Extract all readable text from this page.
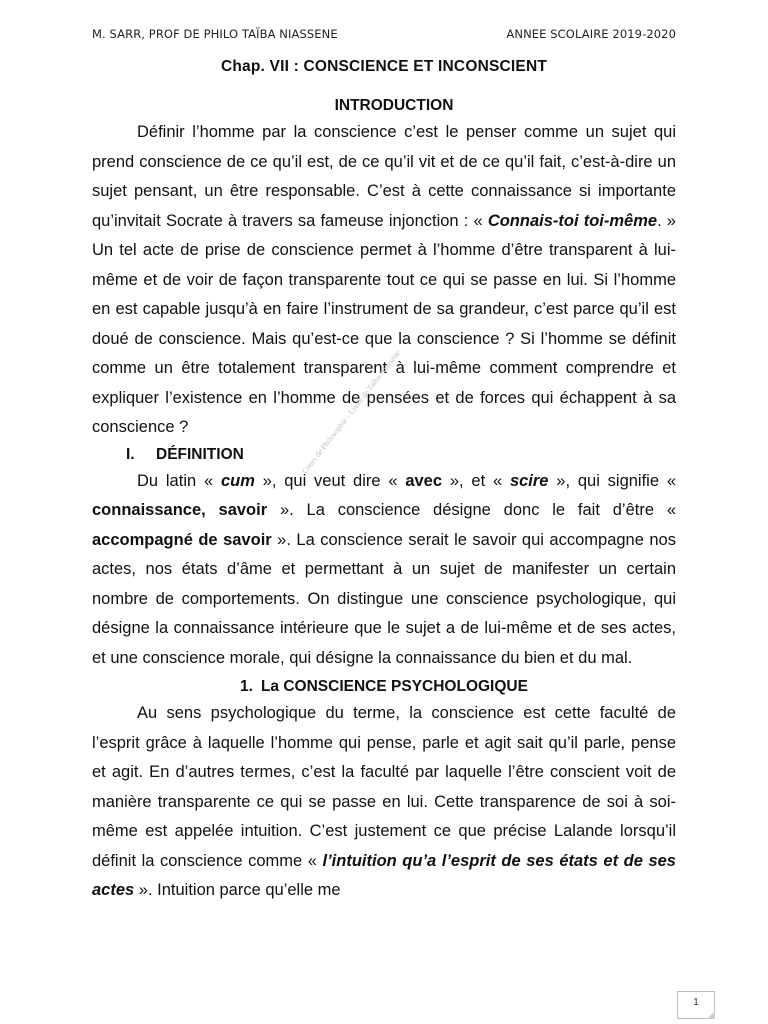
M. SARR, PROF DE PHILO TAÏBA NIASSENE	ANNEE SCOLAIRE 2019-2020
Chap. VII : CONSCIENCE ET INCONSCIENT

INTRODUCTION

Définir l’homme par la conscience c’est le penser comme un sujet qui prend conscience de ce qu’il est, de ce qu’il vit et de ce qu’il fait, c’est-à-dire un sujet pensant, un être responsable. C’est à cette connaissance si importante qu’invitait Socrate à travers sa fameuse injonction : « Connais-toi toi-même. » Un tel acte de prise de conscience permet à l’homme d’être transparent à lui-même et de voir de façon transparente tout ce qui se passe en lui. Si l’homme en est capable jusqu’à en faire l’instrument de sa grandeur, c’est parce qu’il est doué de conscience. Mais qu’est-ce que la conscience ? Si l’homme se définit comme un être totalement transparent à lui-même comment comprendre et expliquer l’existence en l’homme de pensées et de forces qui échappent à sa conscience ?

I. DÉFINITION

Du latin « cum », qui veut dire « avec », et « scire », qui signifie « connaissance, savoir ». La conscience désigne donc le fait d’être « accompagné de savoir ». La conscience serait le savoir qui accompagne nos actes, nos états d’âme et permettant à un sujet de manifester un certain nombre de comportements. On distingue une conscience psychologique, qui désigne la connaissance intérieure que le sujet a de lui-même et de ses actes, et une conscience morale, qui désigne la connaissance du bien et du mal.

1. La CONSCIENCE PSYCHOLOGIQUE

Au sens psychologique du terme, la conscience est cette faculté de l’esprit grâce à laquelle l’homme qui pense, parle et agit sait qu’il parle, pense et agit. En d’autres termes, c’est la faculté par laquelle l’être conscient voit de manière transparente ce qui se passe en lui. Cette transparence de soi à soi-même est appelée intuition. C’est justement ce que précise Lalande lorsqu’il définit la conscience comme « l’intuition qu’a l’esprit de ses états et de ses actes ». Intuition parce qu’elle me

Cours de Philosophie - Lycée de Taïba Niassène
1
